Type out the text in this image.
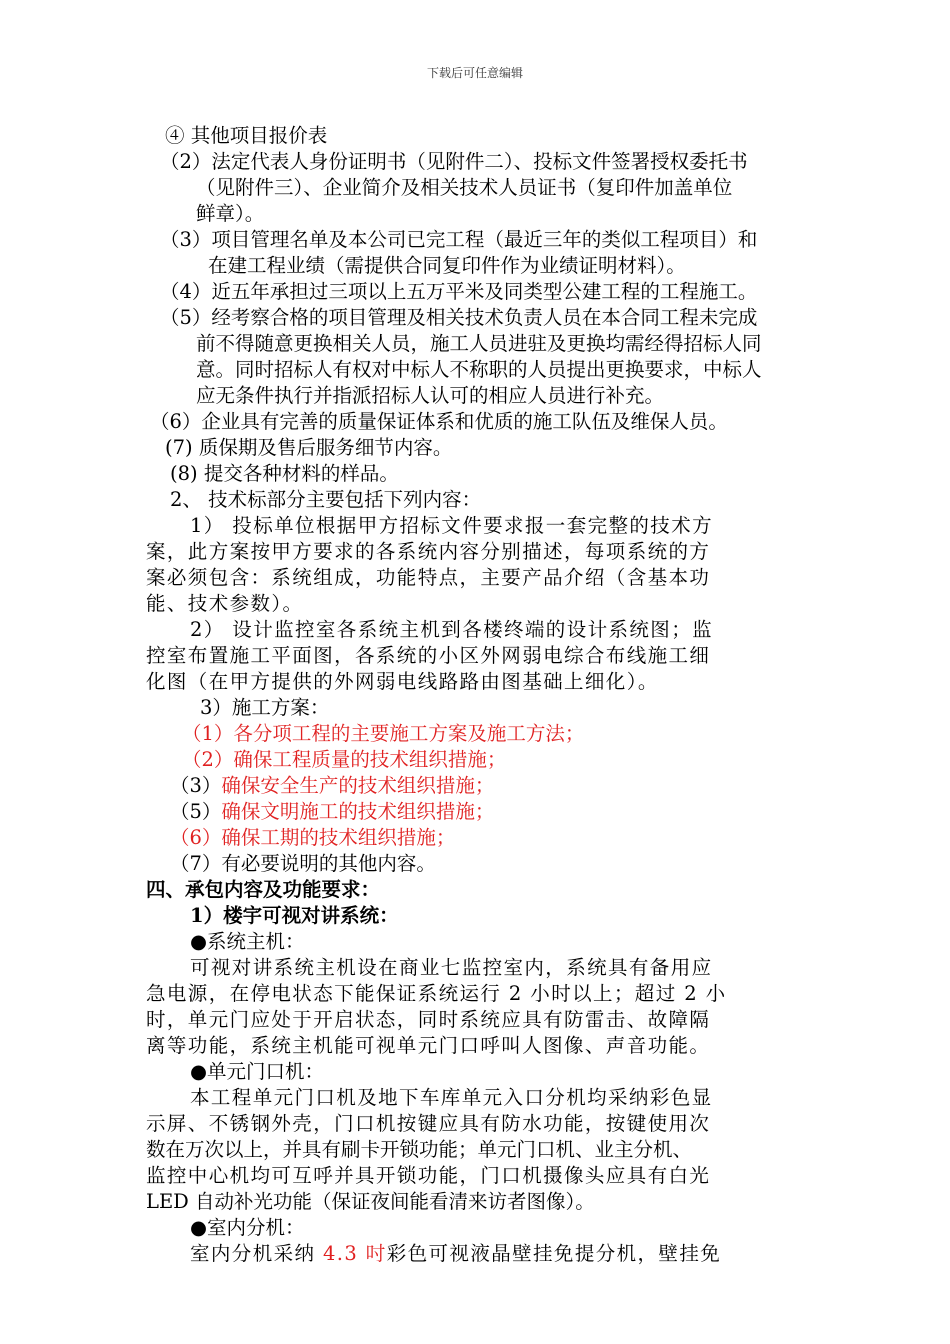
下载后可任意编辑
④ 其他项目报价表
（2）法定代表人身份证明书（见附件二）、投标文件签署授权委托书
（见附件三）、企业简介及相关技术人员证书（复印件加盖单位
鲜章）。
（3）项目管理名单及本公司已完工程（最近三年的类似工程项目）和
在建工程业绩（需提供合同复印件作为业绩证明材料）。
（4）近五年承担过三项以上五万平米及同类型公建工程的工程施工。
（5）经考察合格的项目管理及相关技术负责人员在本合同工程未完成
前不得随意更换相关人员，施工人员进驻及更换均需经得招标人同
意。同时招标人有权对中标人不称职的人员提出更换要求，中标人
应无条件执行并指派招标人认可的相应人员进行补充。
（6）企业具有完善的质量保证体系和优质的施工队伍及维保人员。
(7) 质保期及售后服务细节内容。
(8) 提交各种材料的样品。
2、 技术标部分主要包括下列内容：
1） 投标单位根据甲方招标文件要求报一套完整的技术方
案，此方案按甲方要求的各系统内容分别描述，每项系统的方
案必须包含：系统组成，功能特点，主要产品介绍（含基本功
能、技术参数）。
2） 设计监控室各系统主机到各楼终端的设计系统图；监
控室布置施工平面图，各系统的小区外网弱电综合布线施工细
化图（在甲方提供的外网弱电线路路由图基础上细化）。
3）施工方案：
（1）各分项工程的主要施工方案及施工方法；
（2）确保工程质量的技术组织措施；
（3）确保安全生产的技术组织措施；
（5）确保文明施工的技术组织措施；
（6）确保工期的技术组织措施；
（7）有必要说明的其他内容。
四、承包内容及功能要求：
1）楼宇可视对讲系统：
●系统主机：
可视对讲系统主机设在商业七监控室内，系统具有备用应
急电源，在停电状态下能保证系统运行 2 小时以上；超过 2 小
时，单元门应处于开启状态，同时系统应具有防雷击、故障隔
离等功能，系统主机能可视单元门口呼叫人图像、声音功能。
●单元门口机：
本工程单元门口机及地下车库单元入口分机均采纳彩色显
示屏、不锈钢外壳，门口机按键应具有防水功能，按键使用次
数在万次以上，并具有刷卡开锁功能；单元门口机、业主分机、
监控中心机均可互呼并具开锁功能，门口机摄像头应具有白光
LED 自动补光功能（保证夜间能看清来访者图像）。
●室内分机：
室内分机采纳 4.3 吋彩色可视液晶壁挂免提分机，壁挂免
